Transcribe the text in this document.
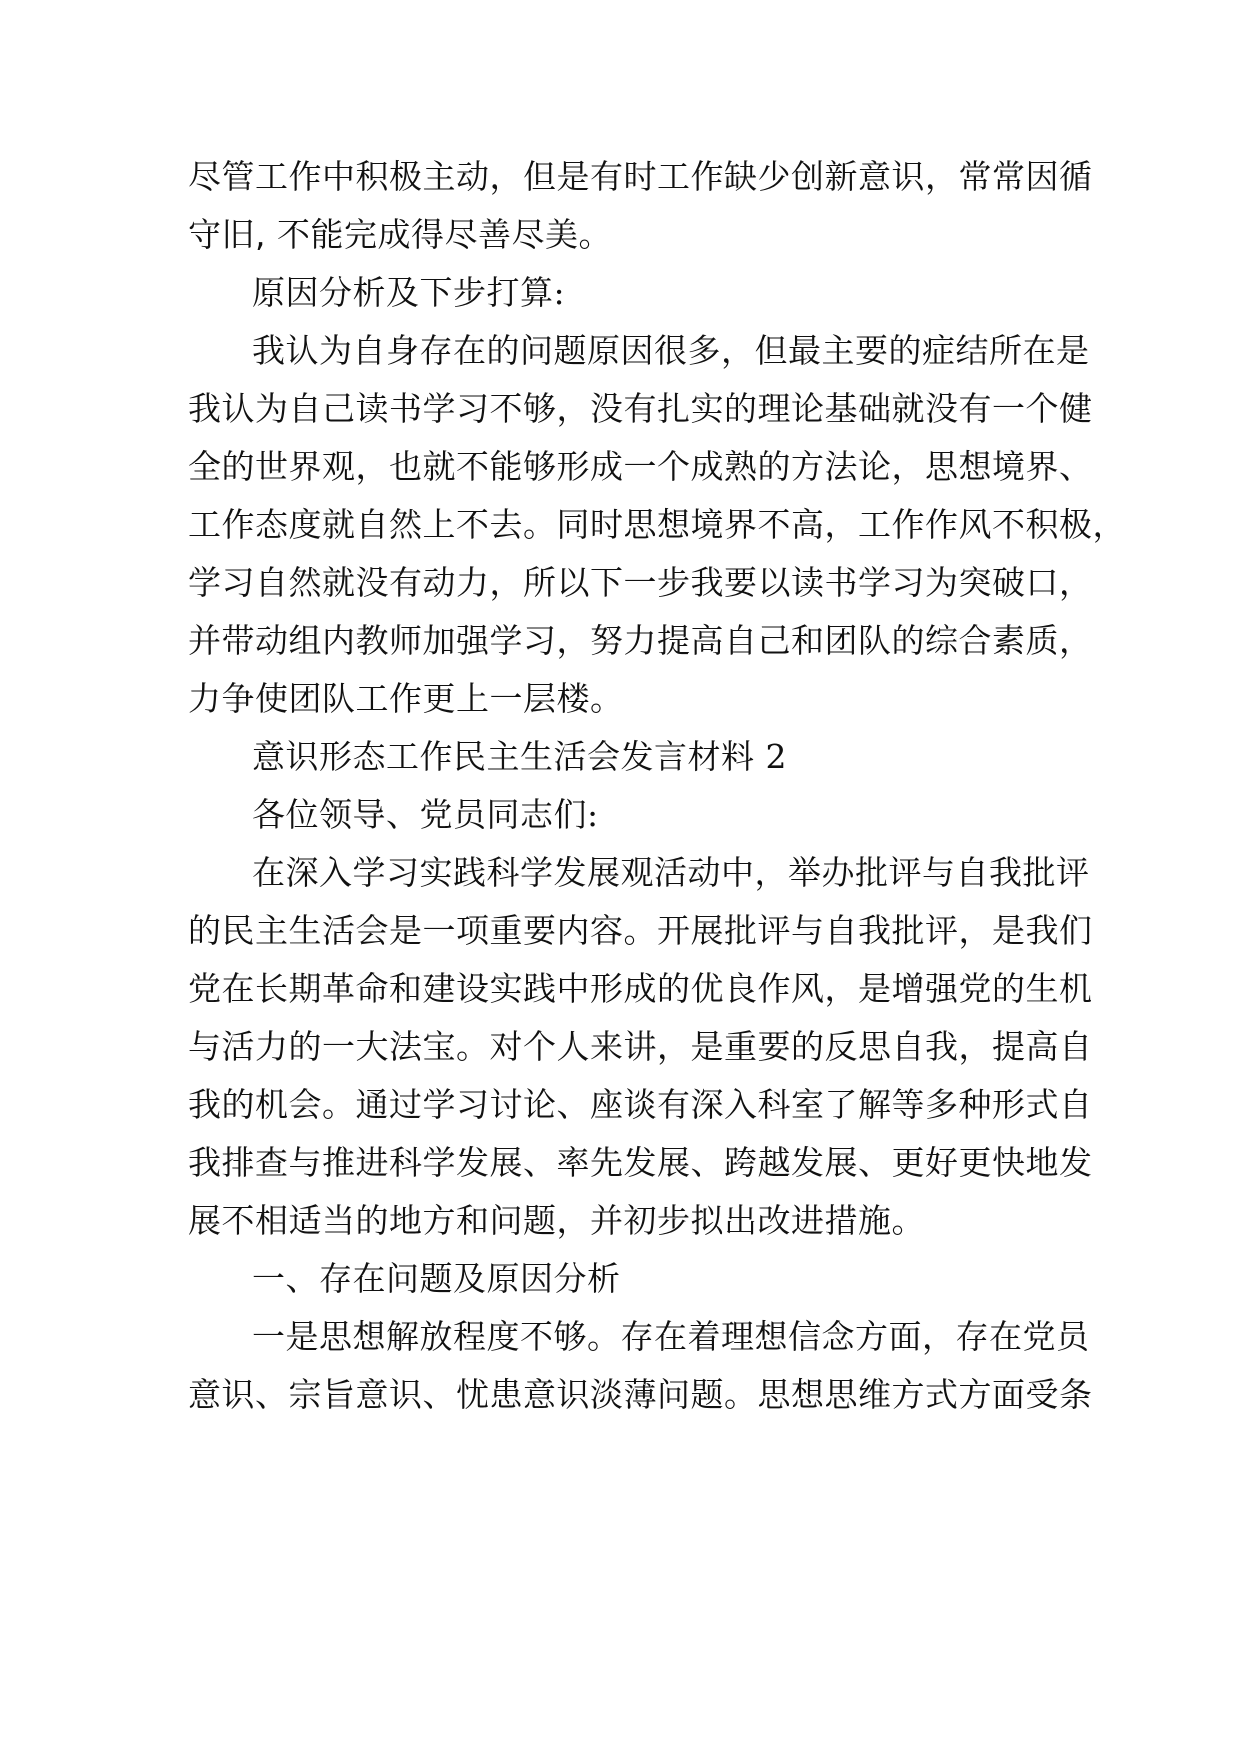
尽管工作中积极主动，但是有时工作缺少创新意识，常常因循
守旧, 不能完成得尽善尽美。
原因分析及下步打算:
我认为自身存在的问题原因很多，但最主要的症结所在是
我认为自己读书学习不够，没有扎实的理论基础就没有一个健
全的世界观，也就不能够形成一个成熟的方法论，思想境界、
工作态度就自然上不去。同时思想境界不高，工作作风不积极，
学习自然就没有动力，所以下一步我要以读书学习为突破口，
并带动组内教师加强学习，努力提高自己和团队的综合素质，
力争使团队工作更上一层楼。
意识形态工作民主生活会发言材料 2
各位领导、党员同志们:
在深入学习实践科学发展观活动中，举办批评与自我批评
的民主生活会是一项重要内容。开展批评与自我批评，是我们
党在长期革命和建设实践中形成的优良作风，是增强党的生机
与活力的一大法宝。对个人来讲，是重要的反思自我，提高自
我的机会。通过学习讨论、座谈有深入科室了解等多种形式自
我排查与推进科学发展、率先发展、跨越发展、更好更快地发
展不相适当的地方和问题，并初步拟出改进措施。
一、存在问题及原因分析
一是思想解放程度不够。存在着理想信念方面，存在党员
意识、宗旨意识、忧患意识淡薄问题。思想思维方式方面受条
